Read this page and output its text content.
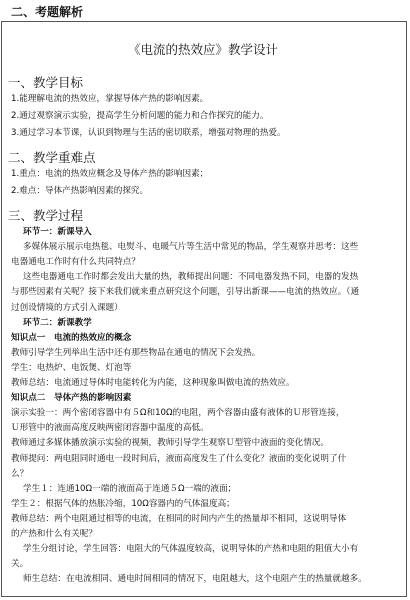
二、考题解析
《电流的热效应》教学设计
一、教学目标
1.能理解电流的热效应，掌握导体产热的影响因素。
2.通过观察演示实验，提高学生分析问题的能力和合作探究的能力。
3.通过学习本节课，认识到物理与生活的密切联系，增强对物理的热爱。
二、教学重难点
1.重点：电流的热效应概念及导体产热的影响因素；
2.难点：导体产热影响因素的探究。
三、教学过程
环节一：新课导入
多媒体展示展示电热毯、电熨斗、电暖气片等生活中常见的物品，学生观察并思考：这些
电器通电工作时有什么共同特点？
这些电器通电工作时都会发出大量的热，教师提出问题：不同电器发热不同，电器的发热
与那些因素有关呢？接下来我们就来重点研究这个问题，引导出新课——电流的热效应。（通
过创设情境的方式引入课题）
环节二：新课教学
知识点一　电流的热效应的概念
教师引导学生列举出生活中还有那些物品在通电的情况下会发热。
学生：电热炉、电饭煲、灯泡等
教师总结：电流通过导体时电能转化为内能，这种现象叫做电流的热效应。
知识点二　导体产热的影响因素
演示实验一：两个密闭容器中有５Ω和10Ω的电阻，两个容器由盛有液体的Ｕ形管连接，
Ｕ形管中的液面高度反映两密闭容器中温度的高低。
教师通过多媒体播放演示实验的视频，教师引导学生观察Ｕ型管中液面的变化情况。
教师提问：两电阻同时通电一段时间后，液面高度发生了什么变化？液面的变化说明了什
么？
学生１：连通10Ω一端的液面高于连通５Ω一端的液面；
学生２：根据气体的热胀冷缩，10Ω容器内的气体温度高；
教师总结：两个电阻通过相等的电流，在相同的时间内产生的热量却不相同，这说明导体
的产热和什么有关呢？
学生分组讨论，学生回答：电阻大的气体温度较高，说明导体的产热和电阻的阻值大小有
关。
师生总结：在电流相同、通电时间相同的情况下，电阻越大，这个电阻产生的热量就越多。
